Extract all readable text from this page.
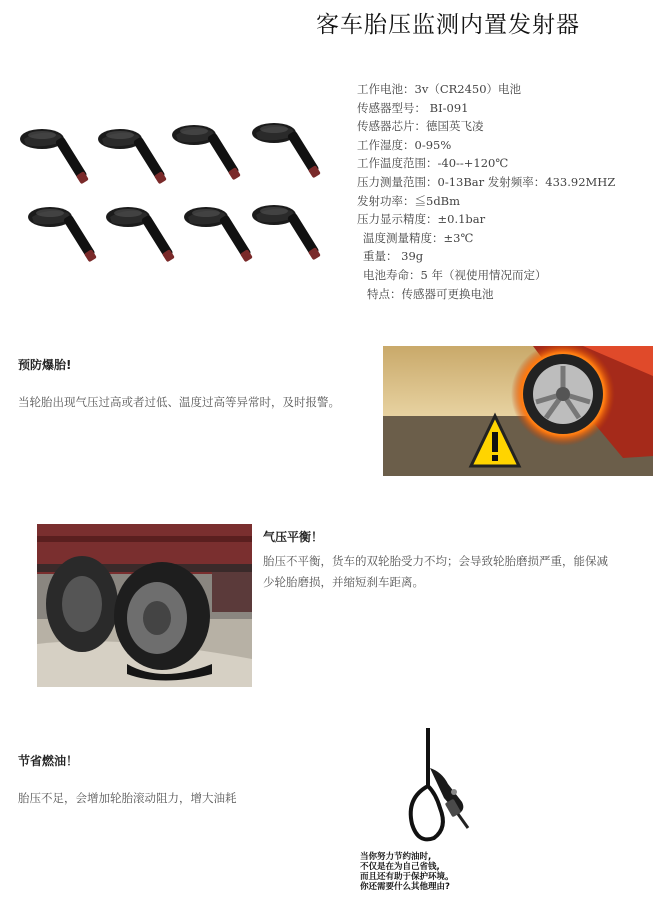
客车胎压监测内置发射器
工作电池：3v（CR2450）电池
传感器型号： BI-091
传感器芯片：德国英飞凌
工作湿度：0-95%
工作温度范围：-40--+120℃
压力测量范围：0-13Bar 发射频率：433.92MHZ
发射功率：≦5dBm
压力显示精度：±0.1bar
温度测量精度：±3℃
重量： 39g
电池寿命：5 年（视使用情况而定）
特点：传感器可更换电池
预防爆胎!
当轮胎出现气压过高或者过低、温度过高等异常时，及时报警。
气压平衡！
胎压不平衡，货车的双轮胎受力不均；会导致轮胎磨损严重，能保减
少轮胎磨损，并缩短刹车距离。
节省燃油！
胎压不足，会增加轮胎滚动阻力，增大油耗
当你努力节约油时,
不仅是在为自己省钱,
而且还有助于保护环境。
你还需要什么其他理由?
